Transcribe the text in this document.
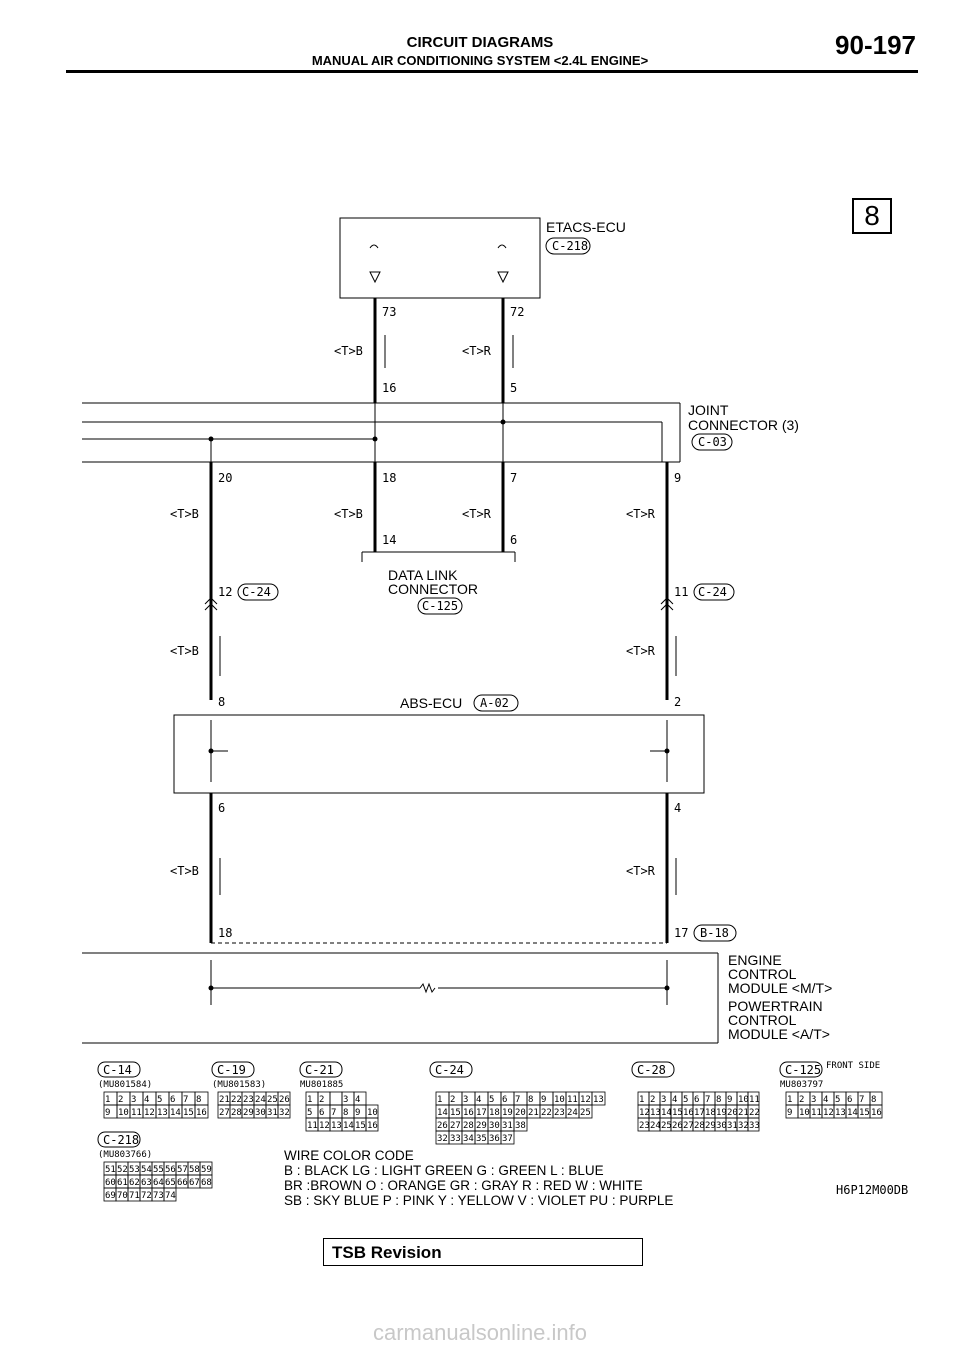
CIRCUIT DIAGRAMS
MANUAL AIR CONDITIONING SYSTEM <2.4L ENGINE>
90-197
8
ETACS-ECU
C-218
73	72
<T>B	<T>R
16	5
JOINT
CONNECTOR (3)
C-03
20	18	7	9
<T>B	<T>B	<T>R	<T>R
14	6
DATA LINK
CONNECTOR
C-125
12 C-24	11 C-24
<T>B	<T>R
8	2
ABS-ECU A-02
6	4
<T>B	<T>R
18	17 B-18
ENGINE
CONTROL
MODULE <M/T>
POWERTRAIN
CONTROL
MODULE <A/T>
C-14
(MU801584)
1 2 3 4 5 6 7 8
9 10 11 12 13 14 15 16
C-19
(MU801583)
21 22 23 24 25 26
27 28 29 30 31 32
C-21
MU801885
1 2 3 4
5 6 7 8 9 10
11 12 13 14 15 16
C-24
1 2 3 4 5 6 7 8 9 10 11 12 13
14 15 16 17 18 19 20 21 22 23 24 25
26 27 28 29 30 31 38
32 33 34 35 36 37
C-28
1 2 3 4 5 6 7 8 9 10 11
12 13 14 15 16 17 18 19 20 21 22
23 24 25 26 27 28 29 30 31 32 33
C-125
MU803797
FRONT SIDE
1 2 3 4 5 6 7 8
9 10 11 12 13 14 15 16
C-218
(MU803766)
51 52 53 54 55 56 57 58 59
60 61 62 63 64 65 66 67 68
69 70 71 72 73 74
WIRE COLOR CODE
B : BLACK LG : LIGHT GREEN G : GREEN L : BLUE
BR :BROWN O : ORANGE GR : GRAY R : RED W : WHITE
SB : SKY BLUE P : PINK Y : YELLOW V : VIOLET PU : PURPLE
H6P12M00DB
TSB Revision
carmanualsonline.info
